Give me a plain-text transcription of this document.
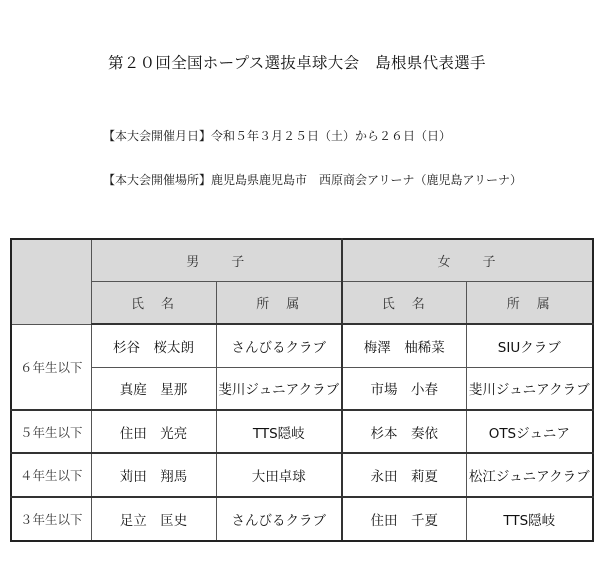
第２０回全国ホープス選抜卓球大会　島根県代表選手
【本大会開催月日】令和５年３月２５日（土）から２６日（日）
【本大会開催場所】鹿児島県鹿児島市　西原商会アリーナ（鹿児島アリーナ）
	男　　子		女　　子	
	氏　名	所　属	氏　名	所　属
６年生以下	杉谷　桜太朗	さんびるクラブ	梅澤　柚稀菜	SIUクラブ
	真庭　星那	斐川ジュニアクラブ	市場　小春	斐川ジュニアクラブ
５年生以下	住田　光亮	TTS隠岐	杉本　奏依	OTSジュニア
４年生以下	苅田　翔馬	大田卓球	永田　莉夏	松江ジュニアクラブ
３年生以下	足立　匡史	さんびるクラブ	住田　千夏	TTS隠岐
